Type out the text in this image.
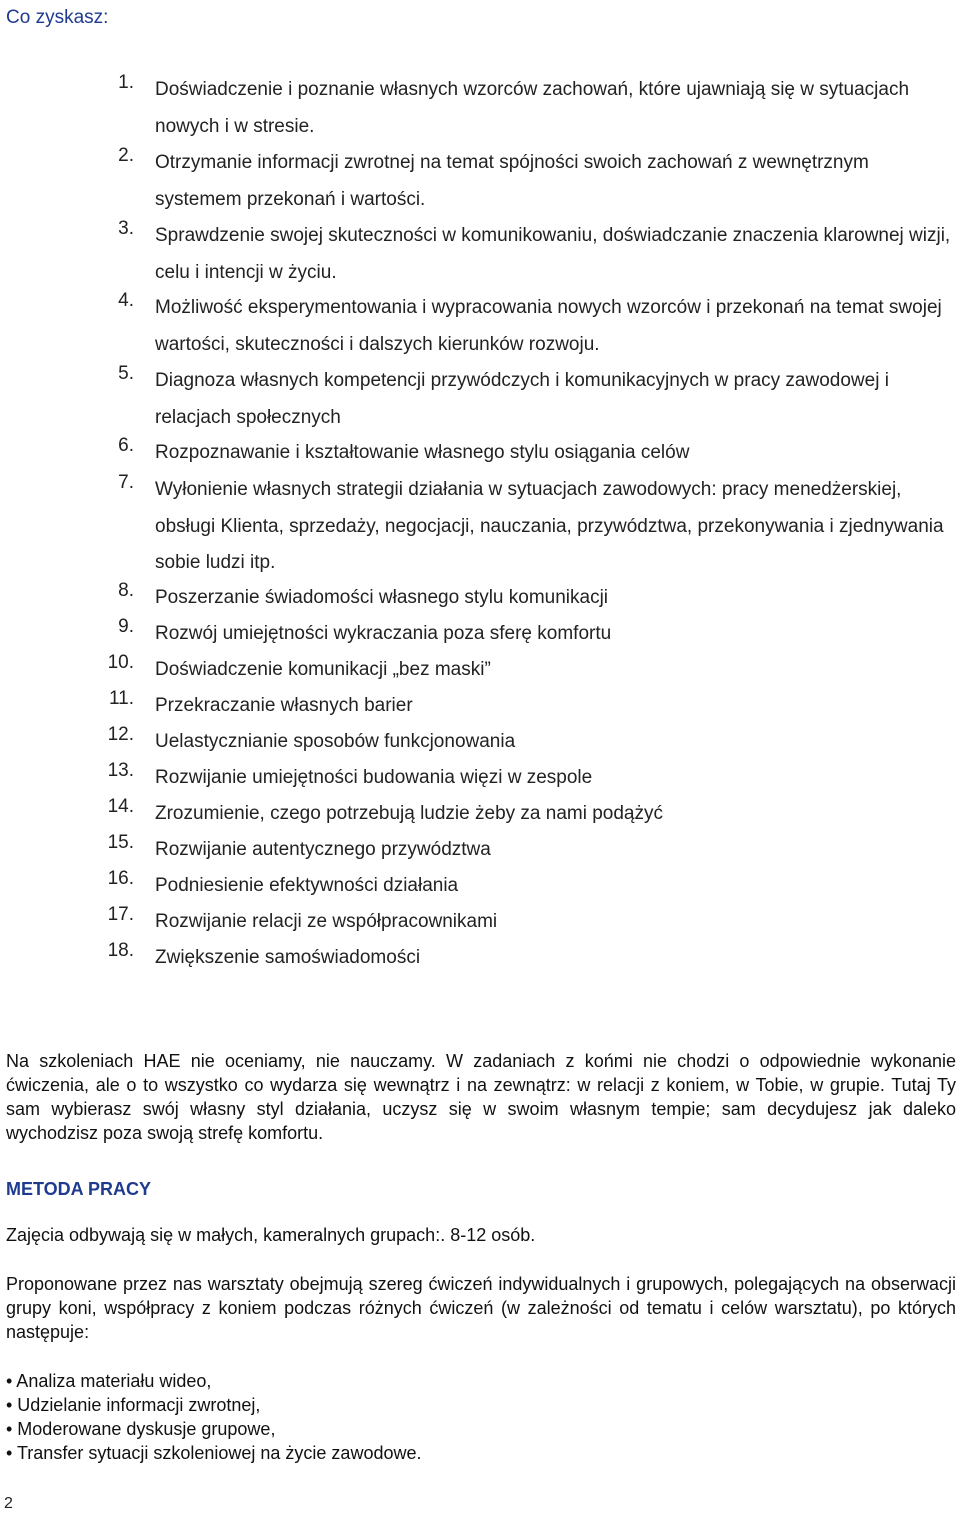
Co zyskasz:
1. Doświadczenie i poznanie własnych wzorców zachowań, które ujawniają się w sytuacjach nowych i w stresie.
2. Otrzymanie informacji zwrotnej na temat spójności swoich zachowań z wewnętrznym systemem przekonań i wartości.
3. Sprawdzenie swojej skuteczności w komunikowaniu, doświadczanie znaczenia klarownej wizji, celu i intencji w życiu.
4. Możliwość eksperymentowania i wypracowania nowych wzorców i przekonań na temat swojej wartości, skuteczności i dalszych kierunków rozwoju.
5. Diagnoza własnych kompetencji przywódczych i komunikacyjnych w pracy zawodowej i relacjach społecznych
6. Rozpoznawanie i kształtowanie własnego stylu osiągania celów
7. Wyłonienie własnych strategii działania w sytuacjach zawodowych: pracy menedżerskiej, obsługi Klienta, sprzedaży, negocjacji, nauczania, przywództwa, przekonywania i zjednywania sobie ludzi itp.
8. Poszerzanie świadomości własnego stylu komunikacji
9. Rozwój umiejętności wykraczania poza sferę komfortu
10. Doświadczenie komunikacji „bez maski”
11. Przekraczanie własnych barier
12. Uelastycznianie sposobów funkcjonowania
13. Rozwijanie umiejętności budowania więzi w zespole
14. Zrozumienie, czego potrzebują ludzie żeby za nami podążyć
15. Rozwijanie autentycznego przywództwa
16. Podniesienie efektywności działania
17. Rozwijanie relacji ze współpracownikami
18. Zwiększenie samoświadomości

Na szkoleniach HAE nie oceniamy, nie nauczamy. W zadaniach z końmi nie chodzi o odpowiednie wykonanie ćwiczenia, ale o to wszystko co wydarza się wewnątrz i na zewnątrz: w relacji z koniem, w Tobie, w grupie. Tutaj Ty sam wybierasz swój własny styl działania, uczysz się w swoim własnym tempie; sam decydujesz jak daleko wychodzisz poza swoją strefę komfortu.

METODA PRACY

Zajęcia odbywają się w małych, kameralnych grupach:. 8-12 osób.

Proponowane przez nas warsztaty obejmują szereg ćwiczeń indywidualnych i grupowych, polegających na obserwacji grupy koni, współpracy z koniem podczas różnych ćwiczeń (w zależności od tematu i celów warsztatu), po których następuje:

• Analiza materiału wideo,
• Udzielanie informacji zwrotnej,
• Moderowane dyskusje grupowe,
• Transfer sytuacji szkoleniowej na życie zawodowe.
2
